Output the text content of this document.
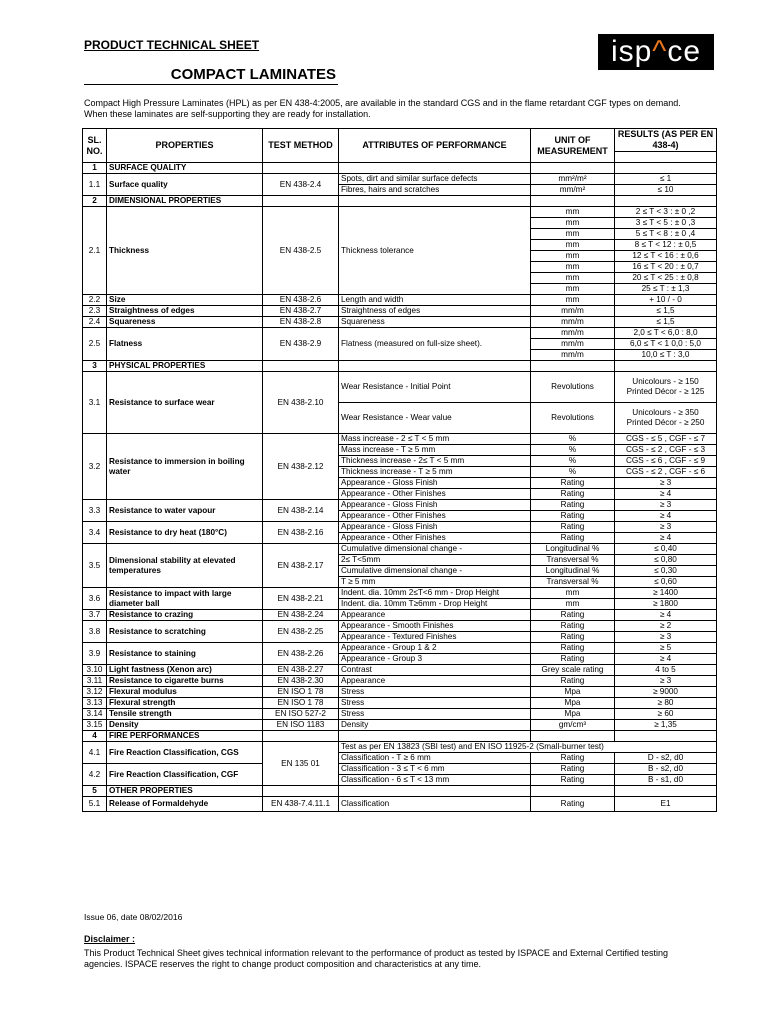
PRODUCT TECHNICAL SHEET	isp^ce
COMPACT LAMINATES
Compact High Pressure Laminates (HPL) as per EN 438-4:2005, are available in the standard CGS and in the flame retardant CGF types on demand. When these laminates are self-supporting they are ready for installation.
SL. NO.	PROPERTIES	TEST METHOD	ATTRIBUTES OF PERFORMANCE	UNIT OF MEASUREMENT	RESULTS (AS PER EN 438-4)	

1	SURFACE QUALITY					
1.1	Surface quality	EN 438-2.4	Spots, dirt and similar surface defects	mm²/m²	≤ 1	
			Fibres, hairs and scratches	mm/m²	≤ 10	
2	DIMENSIONAL PROPERTIES					
2.1	Thickness	EN 438-2.5	Thickness tolerance	mm	2 ≤ T < 3 : ± 0 ,2	
				mm	3 ≤ T < 5 : ± 0 ,3	
				mm	5 ≤ T < 8 : ± 0 ,4	
				mm	8 ≤ T < 12 : ± 0,5	
				mm	12 ≤ T < 16 : ± 0,6	
				mm	16 ≤ T < 20 : ± 0,7	
				mm	20 ≤ T < 25 : ± 0,8	
				mm	25 ≤ T : ± 1,3	
2.2	Size	EN 438-2.6	Length and width	mm	+ 10 / - 0	
2.3	Straightness of edges	EN 438-2.7	Straightness of edges	mm/m	≤ 1,5	
2.4	Squareness	EN 438-2.8	Squareness	mm/m	≤ 1,5	
2.5	Flatness	EN 438-2.9	Flatness (measured on full-size sheet).	mm/m	2,0 ≤ T < 6,0 : 8,0	
				mm/m	6,0 ≤ T < 1 0,0 : 5,0	
				mm/m	10,0 ≤ T : 3,0	
3	PHYSICAL PROPERTIES					
3.1	Resistance to surface wear	EN 438-2.10	Wear Resistance - Initial Point	Revolutions	Unicolours - ≥ 150
Printed Décor - ≥ 125	

			Wear Resistance - Wear value	Revolutions	Unicolours - ≥ 350
Printed Décor - ≥ 250	

3.2	Resistance to immersion in boiling water	EN 438-2.12	Mass increase - 2 ≤ T < 5 mm	%	CGS - ≤ 5 , CGF - ≤ 7	
			Mass increase - T ≥ 5 mm	%	CGS - ≤ 2 , CGF - ≤ 3	
			Thickness increase - 2≤ T < 5 mm	%	CGS - ≤ 6 , CGF - ≤ 9	
			Thickness increase - T ≥ 5 mm	%	CGS - ≤ 2 , CGF - ≤ 6	
			Appearance - Gloss Finish	Rating	≥ 3	
			Appearance - Other Finishes	Rating	≥ 4	
3.3	Resistance to water vapour	EN 438-2.14	Appearance - Gloss Finish	Rating	≥ 3	
			Appearance - Other Finishes	Rating	≥ 4	
3.4	Resistance to dry heat (180°C)	EN 438-2.16	Appearance - Gloss Finish	Rating	≥ 3	
			Appearance - Other Finishes	Rating	≥ 4	
3.5	Dimensional stability at elevated temperatures	EN 438-2.17	Cumulative dimensional change -	Longitudinal %	≤ 0,40	
			2≤ T<5mm	Transversal %	≤ 0,80	
			Cumulative dimensional change -	Longitudinal %	≤ 0,30	
			T ≥ 5 mm	Transversal %	≤ 0,60	
3.6	Resistance to impact with large diameter ball	EN 438-2.21	Indent. dia. 10mm 2≤T<6 mm - Drop Height	mm	≥ 1400	
			Indent. dia. 10mm T≥6mm - Drop Height	mm	≥ 1800	
3.7	Resistance to crazing	EN 438-2.24	Appearance	Rating	≥ 4	
3.8	Resistance to scratching	EN 438-2.25	Appearance - Smooth Finishes	Rating	≥ 2	
			Appearance - Textured Finishes	Rating	≥ 3	
3.9	Resistance to staining	EN 438-2.26	Appearance - Group 1 & 2	Rating	≥ 5	
			Appearance - Group 3	Rating	≥ 4	
3.10	Light fastness (Xenon arc)	EN 438-2.27	Contrast	Grey scale rating	4 to 5	
3.11	Resistance to cigarette burns	EN 438-2.30	Appearance	Rating	≥ 3	
3.12	Flexural modulus	EN ISO 1 78	Stress	Mpa	≥ 9000	
3.13	Flexural strength	EN ISO 1 78	Stress	Mpa	≥ 80	
3.14	Tensile strength	EN ISO 527-2	Stress	Mpa	≥ 60	
3.15	Density	EN ISO 1183	Density	gm/cm³	≥ 1,35	
4	FIRE PERFORMANCES					
4.1	Fire Reaction Classification, CGS	EN 135 01	Test as per EN 13823 (SBI test) and EN ISO 11925-2 (Small-burner test)			
			Classification - T ≥ 6 mm	Rating	D - s2, d0	
4.2	Fire Reaction Classification, CGF		Classification - 3 ≤ T < 6 mm	Rating	B - s2, d0	
			Classification - 6 ≤ T < 13 mm	Rating	B - s1, d0	
5	OTHER PROPERTIES					
5.1	Release of Formaldehyde	EN 438-7.4.11.1	Classification	Rating	E1	
Issue 06, date 08/02/2016
Disclaimer :
This Product Technical Sheet gives technical information relevant to the performance of product as tested by ISPACE and External Certified testing agencies. ISPACE reserves the right to change product composition and characteristics at any time.
